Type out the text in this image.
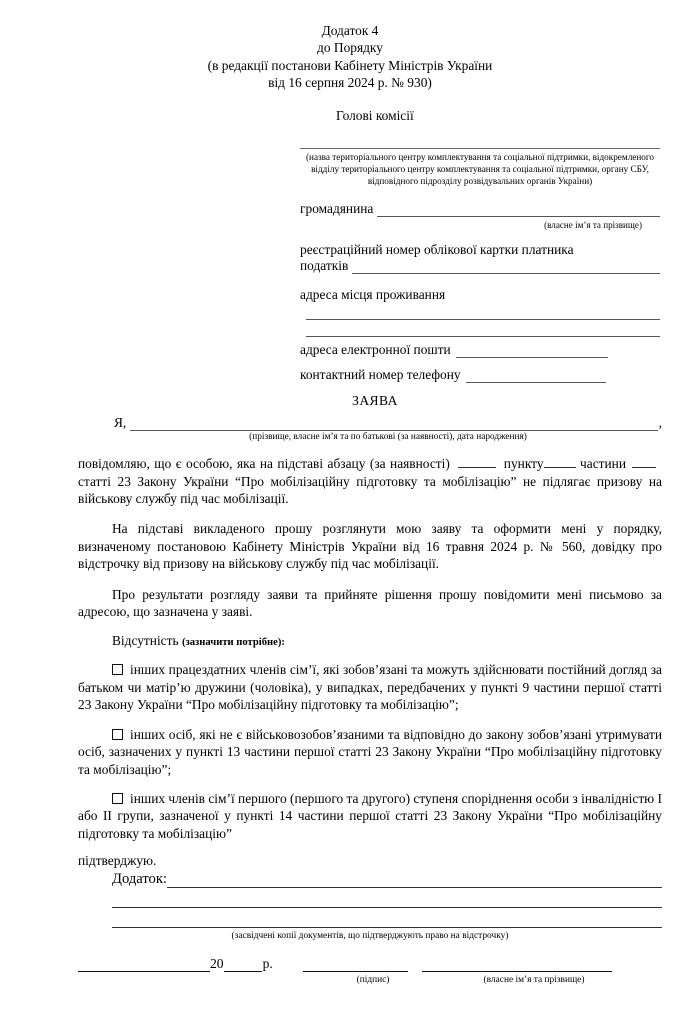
Додаток 4
до Порядку
(в редакції постанови Кабінету Міністрів України
від 16 серпня 2024 р. № 930)
Голові комісії
(назва територіального центру комплектування та соціальної підтримки, відокремленого відділу територіального центру комплектування та соціальної підтримки, органу СБУ, відповідного підрозділу розвідувальних органів України)
громадянина
(власне ім’я та прізвище)
реєстраційний номер облікової картки платника
податків
адреса місця проживання
адреса електронної пошти
контактний номер телефону
ЗАЯВА
Я,	,
(прізвище, власне ім’я та по батькові (за наявності), дата народження)

повідомляю, що є особою, яка на підставі абзацу (за наявності)	пункту	частинистатті 23 Закону України “Про мобілізаційну підготовку та мобілізацію” не підлягає призову на військову службу під час мобілізації.

На підставі викладеного прошу розглянути мою заяву та оформити мені у порядку, визначеному постановою Кабінету Міністрів України від 16 травня 2024 р. № 560, довідку про відстрочку від призову на військову службу під час мобілізації.

Про результати розгляду заяви та прийняте рішення прошу повідомити мені письмово за адресою, що зазначена у заяві.

Відсутність (зазначити потрібне):
інших працездатних членів сім’ї, які зобов’язані та можуть здійснювати постійний догляд за батьком чи матір’ю дружини (чоловіка), у випадках, передбачених у пункті 9 частини першої статті 23 Закону України “Про мобілізаційну підготовку та мобілізацію”;
інших осіб, які не є військовозобов’язаними та відповідно до закону зобов’язані утримувати осіб, зазначених у пункті 13 частини першої статті 23 Закону України “Про мобілізаційну підготовку та мобілізацію”;
інших членів сім’ї першого (першого та другого) ступеня споріднення особи з інвалідністю I або II групи, зазначеної у пункті 14 частини першої статті 23 Закону України “Про мобілізаційну підготовку та мобілізацію”
підтверджую.
Додаток:
(засвідчені копії документів, що підтверджують право на відстрочку)
20	р.
(підпис)	(власне ім’я та прізвище)
